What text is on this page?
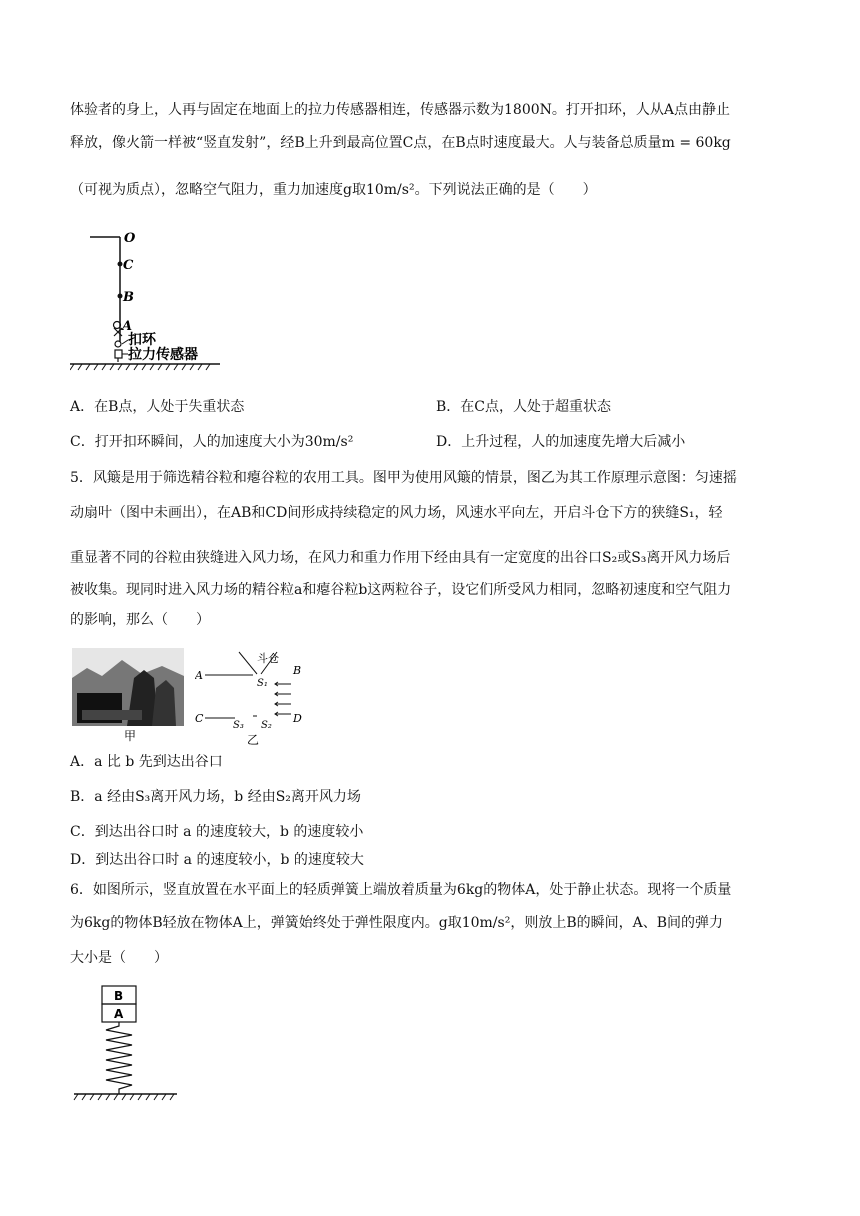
体验者的身上，人再与固定在地面上的拉力传感器相连，传感器示数为1800N。打开扣环，人从A点由静止
释放，像火箭一样被“竖直发射”，经B上升到最高位置C点，在B点时速度最大。人与装备总质量m = 60kg
（可视为质点），忽略空气阻力，重力加速度g取10m/s²。下列说法正确的是（　　）
O
C
B
A
扣环
拉力传感器
A．在B点，人处于失重状态	B．在C点，人处于超重状态
C．打开扣环瞬间，人的加速度大小为30m/s²	D．上升过程，人的加速度先增大后减小
5．风簸是用于筛选精谷粒和瘪谷粒的农用工具。图甲为使用风簸的情景，图乙为其工作原理示意图：匀速摇
动扇叶（图中未画出），在AB和CD间形成持续稳定的风力场，风速水平向左，开启斗仓下方的狭缝S₁，轻
重显著不同的谷粒由狭缝进入风力场，在风力和重力作用下经由具有一定宽度的出谷口S₂或S₃离开风力场后
被收集。现同时进入风力场的精谷粒a和瘪谷粒b这两粒谷子，设它们所受风力相同，忽略初速度和空气阻力
的影响，那么（　　）
甲
A	B
C	D
S₁
S₂
S₃
斗仓
乙
A．a 比 b 先到达出谷口
B．a 经由S₃离开风力场，b 经由S₂离开风力场
C．到达出谷口时 a 的速度较大，b 的速度较小
D．到达出谷口时 a 的速度较小，b 的速度较大
6．如图所示，竖直放置在水平面上的轻质弹簧上端放着质量为6kg的物体A，处于静止状态。现将一个质量
为6kg的物体B轻放在物体A上，弹簧始终处于弹性限度内。g取10m/s²，则放上B的瞬间，A、B间的弹力
大小是（　　）
B
A
